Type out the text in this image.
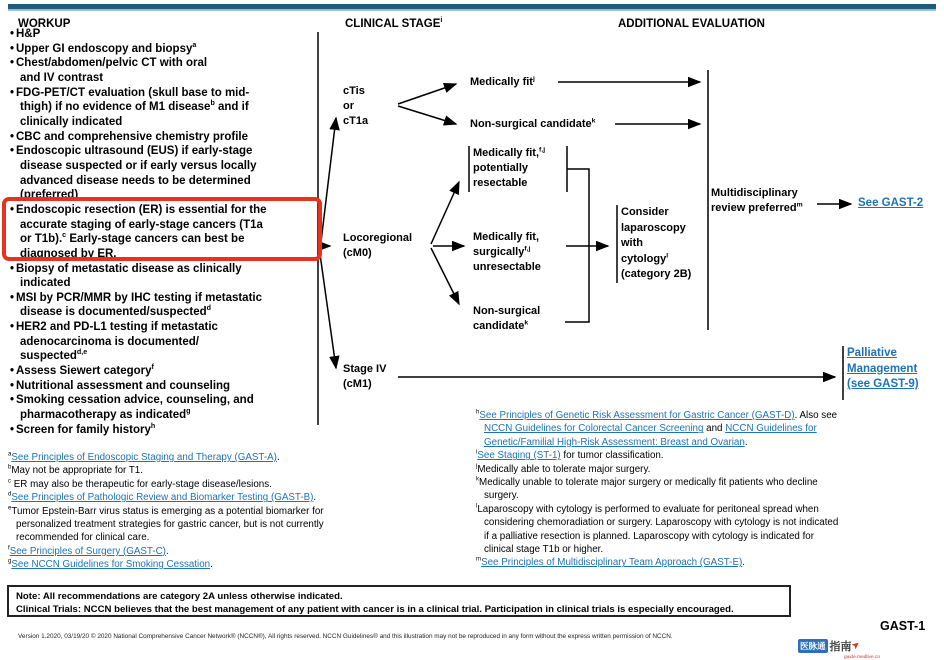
WORKUP	CLINICAL STAGE$^i$	ADDITIONAL EVALUATION
• H&P
• Upper GI endoscopy and biopsy$^a$
• Chest/abdomen/pelvic CT with oral
and IV contrast
• FDG-PET/CT evaluation (skull base to mid-
thigh) if no evidence of M1 disease$^b$ and if
clinically indicated
• CBC and comprehensive chemistry profile
• Endoscopic ultrasound (EUS) if early-stage
disease suspected or if early versus locally
advanced disease needs to be determined
(preferred)
• Endoscopic resection (ER) is essential for the
accurate staging of early-stage cancers (T1a
or T1b).$^c$ Early-stage cancers can best be
diagnosed by ER.
• Biopsy of metastatic disease as clinically
indicated
• MSI by PCR/MMR by IHC testing if metastatic
disease is documented/suspected$^d$
• HER2 and PD-L1 testing if metastatic
adenocarcinoma is documented/
suspected$^{d,e}$
• Assess Siewert category$^f$
• Nutritional assessment and counseling
• Smoking cessation advice, counseling, and
pharmacotherapy as indicated$^g$
• Screen for family history$^h$
cTis
or
cT1a
Medically fit$^j$
Non-surgical candidate$^k$
Medically fit,$^{f,j}$
potentially
resectable
Locoregional
(cM0)
Medically fit,
surgically$^{f,j}$
unresectable
Non-surgical
candidate$^k$
Consider
laparoscopy
with
cytology$^l$
(category 2B)
Multidisciplinary
review preferred$^m$	See GAST-2
Stage IV
(cM1)
Palliative
Management
(see GAST-9)
$^a$See Principles of Endoscopic Staging and Therapy (GAST-A).
$^b$May not be appropriate for T1.
$^c$ ER may also be therapeutic for early-stage disease/lesions.
$^d$See Principles of Pathologic Review and Biomarker Testing (GAST-B).
$^e$Tumor Epstein-Barr virus status is emerging as a potential biomarker for
personalized treatment strategies for gastric cancer, but is not currently
recommended for clinical care.
$^f$See Principles of Surgery (GAST-C).
$^g$See NCCN Guidelines for Smoking Cessation.
$^h$See Principles of Genetic Risk Assessment for Gastric Cancer (GAST-D). Also see
NCCN Guidelines for Colorectal Cancer Screening and NCCN Guidelines for
Genetic/Familial High-Risk Assessment: Breast and Ovarian.
$^i$See Staging (ST-1) for tumor classification.
$^j$Medically able to tolerate major surgery.
$^k$Medically unable to tolerate major surgery or medically fit patients who decline
surgery.
$^l$Laparoscopy with cytology is performed to evaluate for peritoneal spread when
considering chemoradiation or surgery. Laparoscopy with cytology is not indicated
if a palliative resection is planned. Laparoscopy with cytology is indicated for
clinical stage T1b or higher.
$^m$See Principles of Multidisciplinary Team Approach (GAST-E).
Note: All recommendations are category 2A unless otherwise indicated.
Clinical Trials: NCCN believes that the best management of any patient with cancer is in a clinical trial. Participation in clinical trials is especially encouraged.
Version 1.2020, 03/19/20 © 2020 National Comprehensive Cancer Network® (NCCN®), All rights reserved. NCCN Guidelines® and this illustration may not be reproduced in any form without the express written permission of NCCN.
GAST-1
医脉通 指南➤
guide.medlive.cn
